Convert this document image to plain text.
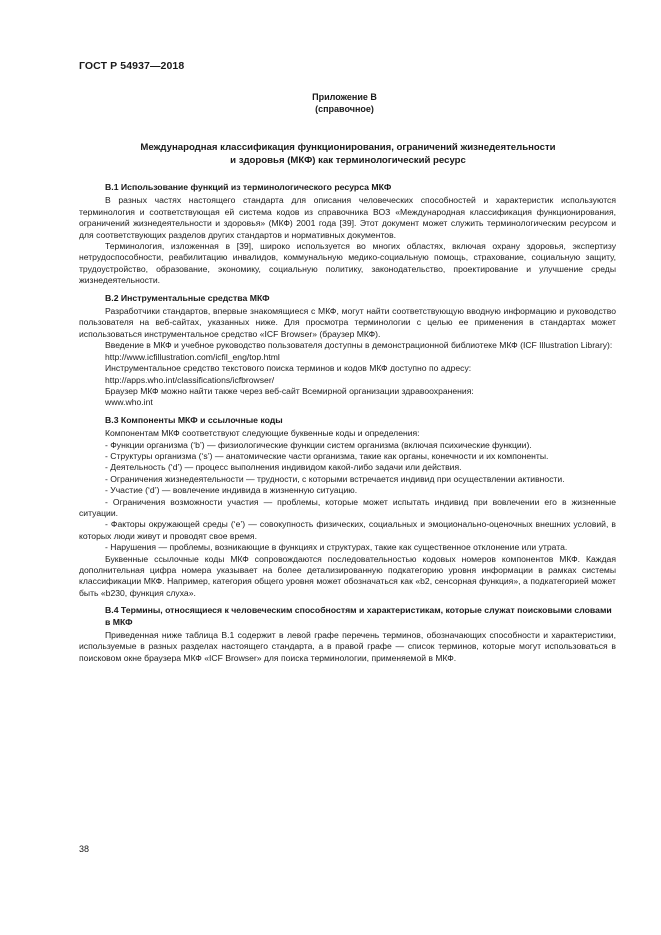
ГОСТ Р 54937—2018
Приложение В
(справочное)
Международная классификация функционирования, ограничений жизнедеятельности
и здоровья (МКФ) как терминологический ресурс
В.1 Использование функций из терминологического ресурса МКФ

В разных частях настоящего стандарта для описания человеческих способностей и характеристик используются терминология и соответствующая ей система кодов из справочника ВОЗ «Международная классификация функционирования, ограничений жизнедеятельности и здоровья» (МКФ) 2001 года [39]. Этот документ может служить терминологическим ресурсом и для соответствующих разделов других стандартов и нормативных документов.

Терминология, изложенная в [39], широко используется во многих областях, включая охрану здоровья, экспертизу нетрудоспособности, реабилитацию инвалидов, коммунальную медико-социальную помощь, страхование, социальную защиту, трудоустройство, образование, экономику, социальную политику, законодательство, проектирование и улучшение среды жизнедеятельности.

В.2 Инструментальные средства МКФ

Разработчики стандартов, впервые знакомящиеся с МКФ, могут найти соответствующую вводную информацию и руководство пользователя на веб-сайтах, указанных ниже. Для просмотра терминологии с целью ее применения в стандартах может использоваться инструментальное средство «ICF Browser» (браузер МКФ).

Введение в МКФ и учебное руководство пользователя доступны в демонстрационной библиотеке МКФ (ICF Illustration Library):

http://www.icfillustration.com/icfil_eng/top.html

Инструментальное средство текстового поиска терминов и кодов МКФ доступно по адресу:

http://apps.who.int/classifications/icfbrowser/

Браузер МКФ можно найти также через веб-сайт Всемирной организации здравоохранения:

www.who.int

В.3 Компоненты МКФ и ссылочные коды

Компонентам МКФ соответствуют следующие буквенные коды и определения:

- Функции организма (‘b’) — физиологические функции систем организма (включая психические функции).

- Структуры организма (‘s’) — анатомические части организма, такие как органы, конечности и их компоненты.

- Деятельность (‘d’) — процесс выполнения индивидом какой-либо задачи или действия.

- Ограничения жизнедеятельности — трудности, с которыми встречается индивид при осуществлении активности.

- Участие (‘d’) — вовлечение индивида в жизненную ситуацию.

- Ограничения возможности участия — проблемы, которые может испытать индивид при вовлечении его в жизненные ситуации.

- Факторы окружающей среды (‘e’) — совокупность физических, социальных и эмоционально-оценочных внешних условий, в которых люди живут и проводят свое время.

- Нарушения — проблемы, возникающие в функциях и структурах, такие как существенное отклонение или утрата.

Буквенные ссылочные коды МКФ сопровождаются последовательностью кодовых номеров компонентов МКФ. Каждая дополнительная цифра номера указывает на более детализированную подкатегорию уровня информации в рамках системы классификации МКФ. Например, категория общего уровня может обозначаться как «b2, сенсорная функция», а подкатегорией может быть «b230, функция слуха».

В.4 Термины, относящиеся к человеческим способностям и характеристикам, которые служат поисковыми словами в МКФ

Приведенная ниже таблица В.1 содержит в левой графе перечень терминов, обозначающих способности и характеристики, используемые в разных разделах настоящего стандарта, а в правой графе — список терминов, которые могут использоваться в поисковом окне браузера МКФ «ICF Browser» для поиска терминологии, применяемой в МКФ.

38
